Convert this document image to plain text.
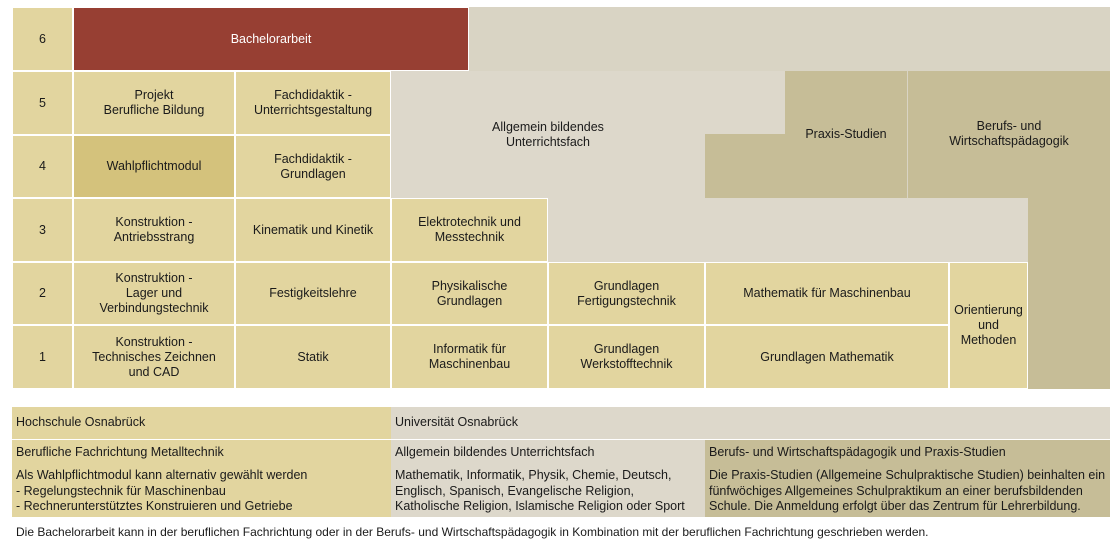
6
5
4
3
2
1
Allgemein bildendes
Unterrichtsfach
Bachelorarbeit
Projekt
Berufliche Bildung
Fachdidaktik -
Unterrichtsgestaltung
Praxis-Studien
Berufs- und
Wirtschaftspädagogik
Wahlpflichtmodul
Fachdidaktik -
Grundlagen
Konstruktion -
Antriebsstrang
Kinematik und Kinetik
Elektrotechnik und
Messtechnik
Konstruktion -
Lager und
Verbindungstechnik
Festigkeitslehre
Physikalische
Grundlagen
Grundlagen
Fertigungstechnik
Mathematik für Maschinenbau
Orientierung
und
Methoden
Konstruktion -
Technisches Zeichnen
und CAD
Statik
Informatik für
Maschinenbau
Grundlagen
Werkstofftechnik
Grundlagen Mathematik
Hochschule Osnabrück	Universität Osnabrück
Berufliche Fachrichtung Metalltechnik
Als Wahlpflichtmodul kann alternativ gewählt werden
- Regelungstechnik für Maschinenbau
- Rechnerunterstütztes Konstruieren und Getriebe
Allgemein bildendes Unterrichtsfach
Mathematik, Informatik, Physik, Chemie, Deutsch,
Englisch, Spanisch, Evangelische Religion,
Katholische Religion, Islamische Religion oder Sport
Berufs- und Wirtschaftspädagogik und Praxis-Studien
Die Praxis-Studien (Allgemeine Schulpraktische Studien) beinhalten ein
fünfwöchiges Allgemeines Schulpraktikum an einer berufsbildenden
Schule. Die Anmeldung erfolgt über das Zentrum für Lehrerbildung.
Die Bachelorarbeit kann in der beruflichen Fachrichtung oder in der Berufs- und Wirtschaftspädagogik in Kombination mit der beruflichen Fachrichtung geschrieben werden.
